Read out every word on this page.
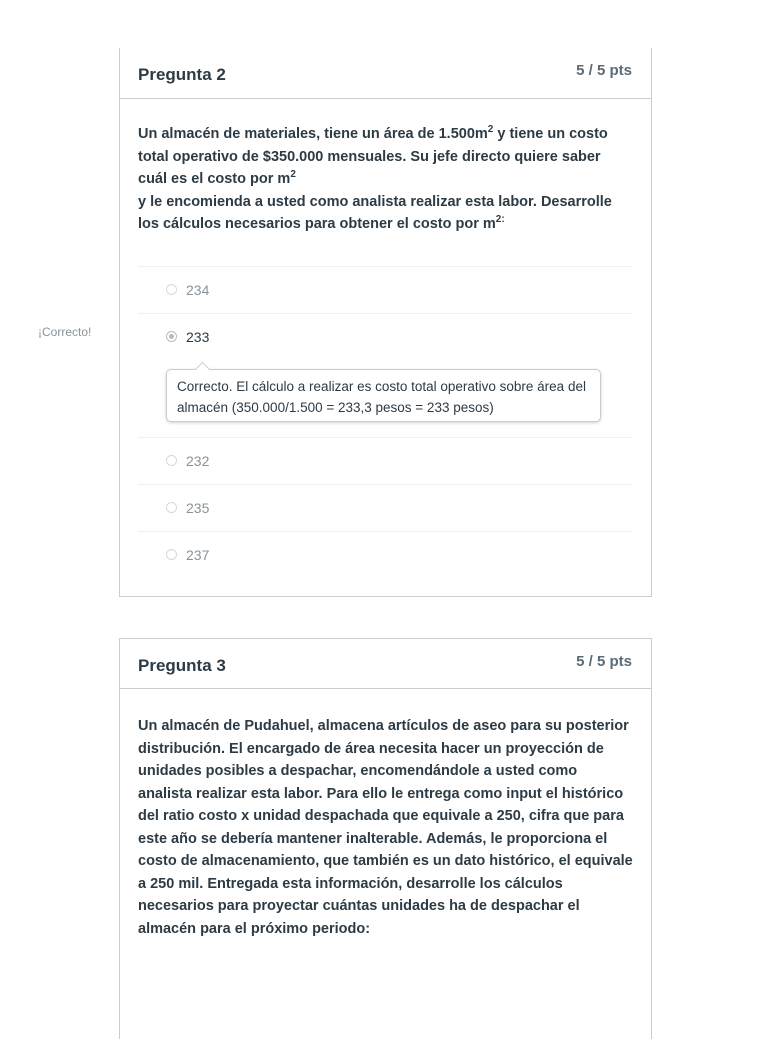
¡Correcto!
Pregunta 2	5 / 5 pts
Un almacén de materiales, tiene un área de $1.500m^2$ y tiene un costo total operativo de $350.000 mensuales. Su jefe directo quiere saber cuál es el costo por $m^2$
y le encomienda a usted como analista realizar esta labor. Desarrolle los cálculos necesarios para obtener el costo por $m^{2:}$
234
233
Correcto. El cálculo a realizar es costo total operativo sobre área del almacén (350.000/1.500 = 233,3 pesos = 233 pesos)
232
235
237
Pregunta 3	5 / 5 pts
Un almacén de Pudahuel, almacena artículos de aseo para su posterior distribución. El encargado de área necesita hacer un proyección de unidades posibles a despachar, encomendándole a usted como analista realizar esta labor. Para ello le entrega como input el histórico del ratio costo x unidad despachada que equivale a 250, cifra que para este año se debería mantener inalterable. Además, le proporciona el costo de almacenamiento, que también es un dato histórico, el equivale a 250 mil. Entregada esta información, desarrolle los cálculos necesarios para proyectar cuántas unidades ha de despachar el almacén para el próximo periodo:
